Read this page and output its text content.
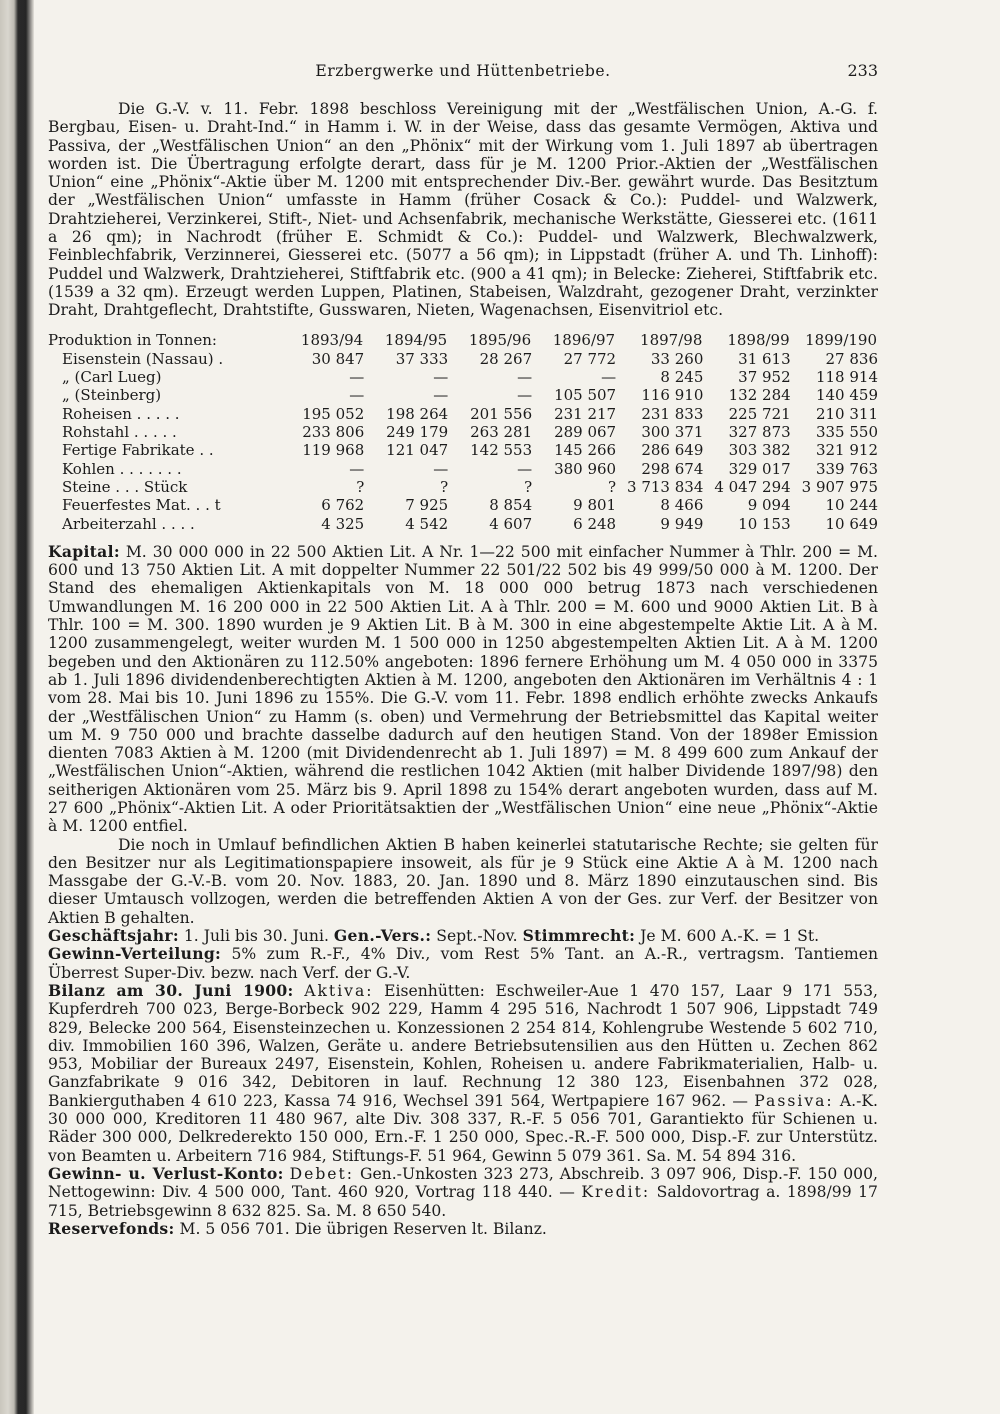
Erzbergwerke und Hüttenbetriebe.	233

Die G.-V. v. 11. Febr. 1898 beschloss Vereinigung mit der „Westfälischen Union, A.-G. f. Bergbau, Eisen- u. Draht-Ind.“ in Hamm i. W. in der Weise, dass das gesamte Vermögen, Aktiva und Passiva, der „Westfälischen Union“ an den „Phönix“ mit der Wirkung vom 1. Juli 1897 ab übertragen worden ist. Die Übertragung erfolgte derart, dass für je M. 1200 Prior.-Aktien der „Westfälischen Union“ eine „Phönix“-Aktie über M. 1200 mit entsprechender Div.-Ber. gewährt wurde. Das Besitztum der „Westfälischen Union“ umfasste in Hamm (früher Cosack & Co.): Puddel- und Walzwerk, Drahtzieherei, Verzinkerei, Stift-, Niet- und Achsenfabrik, mechanische Werkstätte, Giesserei etc. (1611 a 26 qm); in Nachrodt (früher E. Schmidt & Co.): Puddel- und Walzwerk, Blechwalzwerk, Feinblechfabrik, Verzinnerei, Giesserei etc. (5077 a 56 qm); in Lippstadt (früher A. und Th. Linhoff): Puddel und Walzwerk, Drahtzieherei, Stiftfabrik etc. (900 a 41 qm); in Belecke: Zieherei, Stiftfabrik etc. (1539 a 32 qm). Erzeugt werden Luppen, Platinen, Stabeisen, Walzdraht, gezogener Draht, verzinkter Draht, Drahtgeflecht, Drahtstifte, Gusswaren, Nieten, Wagenachsen, Eisenvitriol etc.

Produktion in Tonnen:	1893/94	1894/95	1895/96	1896/97	1897/98	1898/99	1899/190
Eisenstein (Nassau) .	30 847	37 333	28 267	27 772	33 260	31 613	27 836
„ (Carl Lueg)	—	—	—	—	8 245	37 952	118 914
„ (Steinberg)	—	—	—	105 507	116 910	132 284	140 459
Roheisen . . . . .	195 052	198 264	201 556	231 217	231 833	225 721	210 311
Rohstahl . . . . .	233 806	249 179	263 281	289 067	300 371	327 873	335 550
Fertige Fabrikate . .	119 968	121 047	142 553	145 266	286 649	303 382	321 912
Kohlen . . . . . . .	—	—	—	380 960	298 674	329 017	339 763
Steine . . . Stück	?	?	?	?	3 713 834	4 047 294	3 907 975
Feuerfestes Mat. . . t	6 762	7 925	8 854	9 801	8 466	9 094	10 244
Arbeiterzahl . . . .	4 325	4 542	4 607	6 248	9 949	10 153	10 649

Kapital: M. 30 000 000 in 22 500 Aktien Lit. A Nr. 1—22 500 mit einfacher Nummer à Thlr. 200 = M. 600 und 13 750 Aktien Lit. A mit doppelter Nummer 22 501/22 502 bis 49 999/50 000 à M. 1200. Der Stand des ehemaligen Aktienkapitals von M. 18 000 000 betrug 1873 nach verschiedenen Umwandlungen M. 16 200 000 in 22 500 Aktien Lit. A à Thlr. 200 = M. 600 und 9000 Aktien Lit. B à Thlr. 100 = M. 300. 1890 wurden je 9 Aktien Lit. B à M. 300 in eine abgestempelte Aktie Lit. A à M. 1200 zusammengelegt, weiter wurden M. 1 500 000 in 1250 abgestempelten Aktien Lit. A à M. 1200 begeben und den Aktionären zu 112.50% angeboten: 1896 fernere Erhöhung um M. 4 050 000 in 3375 ab 1. Juli 1896 dividendenberechtigten Aktien à M. 1200, angeboten den Aktionären im Verhältnis 4 : 1 vom 28. Mai bis 10. Juni 1896 zu 155%. Die G.-V. vom 11. Febr. 1898 endlich erhöhte zwecks Ankaufs der „Westfälischen Union“ zu Hamm (s. oben) und Vermehrung der Betriebsmittel das Kapital weiter um M. 9 750 000 und brachte dasselbe dadurch auf den heutigen Stand. Von der 1898er Emission dienten 7083 Aktien à M. 1200 (mit Dividendenrecht ab 1. Juli 1897) = M. 8 499 600 zum Ankauf der „Westfälischen Union“-Aktien, während die restlichen 1042 Aktien (mit halber Dividende 1897/98) den seitherigen Aktionären vom 25. März bis 9. April 1898 zu 154% derart angeboten wurden, dass auf M. 27 600 „Phönix“-Aktien Lit. A oder Prioritätsaktien der „Westfälischen Union“ eine neue „Phönix“-Aktie à M. 1200 entfiel.

Die noch in Umlauf befindlichen Aktien B haben keinerlei statutarische Rechte; sie gelten für den Besitzer nur als Legitimationspapiere insoweit, als für je 9 Stück eine Aktie A à M. 1200 nach Massgabe der G.-V.-B. vom 20. Nov. 1883, 20. Jan. 1890 und 8. März 1890 einzutauschen sind. Bis dieser Umtausch vollzogen, werden die betreffenden Aktien A von der Ges. zur Verf. der Besitzer von Aktien B gehalten.

Geschäftsjahr: 1. Juli bis 30. Juni. Gen.-Vers.: Sept.-Nov. Stimmrecht: Je M. 600 A.-K. = 1 St.

Gewinn-Verteilung: 5% zum R.-F., 4% Div., vom Rest 5% Tant. an A.-R., vertragsm. Tantiemen Überrest Super-Div. bezw. nach Verf. der G.-V.

Bilanz am 30. Juni 1900: Aktiva: Eisenhütten: Eschweiler-Aue 1 470 157, Laar 9 171 553, Kupferdreh 700 023, Berge-Borbeck 902 229, Hamm 4 295 516, Nachrodt 1 507 906, Lippstadt 749 829, Belecke 200 564, Eisensteinzechen u. Konzessionen 2 254 814, Kohlengrube Westende 5 602 710, div. Immobilien 160 396, Walzen, Geräte u. andere Betriebsutensilien aus den Hütten u. Zechen 862 953, Mobiliar der Bureaux 2497, Eisenstein, Kohlen, Roheisen u. andere Fabrikmaterialien, Halb- u. Ganzfabrikate 9 016 342, Debitoren in lauf. Rechnung 12 380 123, Eisenbahnen 372 028, Bankierguthaben 4 610 223, Kassa 74 916, Wechsel 391 564, Wertpapiere 167 962. — Passiva: A.-K. 30 000 000, Kreditoren 11 480 967, alte Div. 308 337, R.-F. 5 056 701, Garantiekto für Schienen u. Räder 300 000, Delkrederekto 150 000, Ern.-F. 1 250 000, Spec.-R.-F. 500 000, Disp.-F. zur Unterstütz. von Beamten u. Arbeitern 716 984, Stiftungs-F. 51 964, Gewinn 5 079 361. Sa. M. 54 894 316.

Gewinn- u. Verlust-Konto: Debet: Gen.-Unkosten 323 273, Abschreib. 3 097 906, Disp.-F. 150 000, Nettogewinn: Div. 4 500 000, Tant. 460 920, Vortrag 118 440. — Kredit: Saldovortrag a. 1898/99 17 715, Betriebsgewinn 8 632 825. Sa. M. 8 650 540.

Reservefonds: M. 5 056 701. Die übrigen Reserven lt. Bilanz.
